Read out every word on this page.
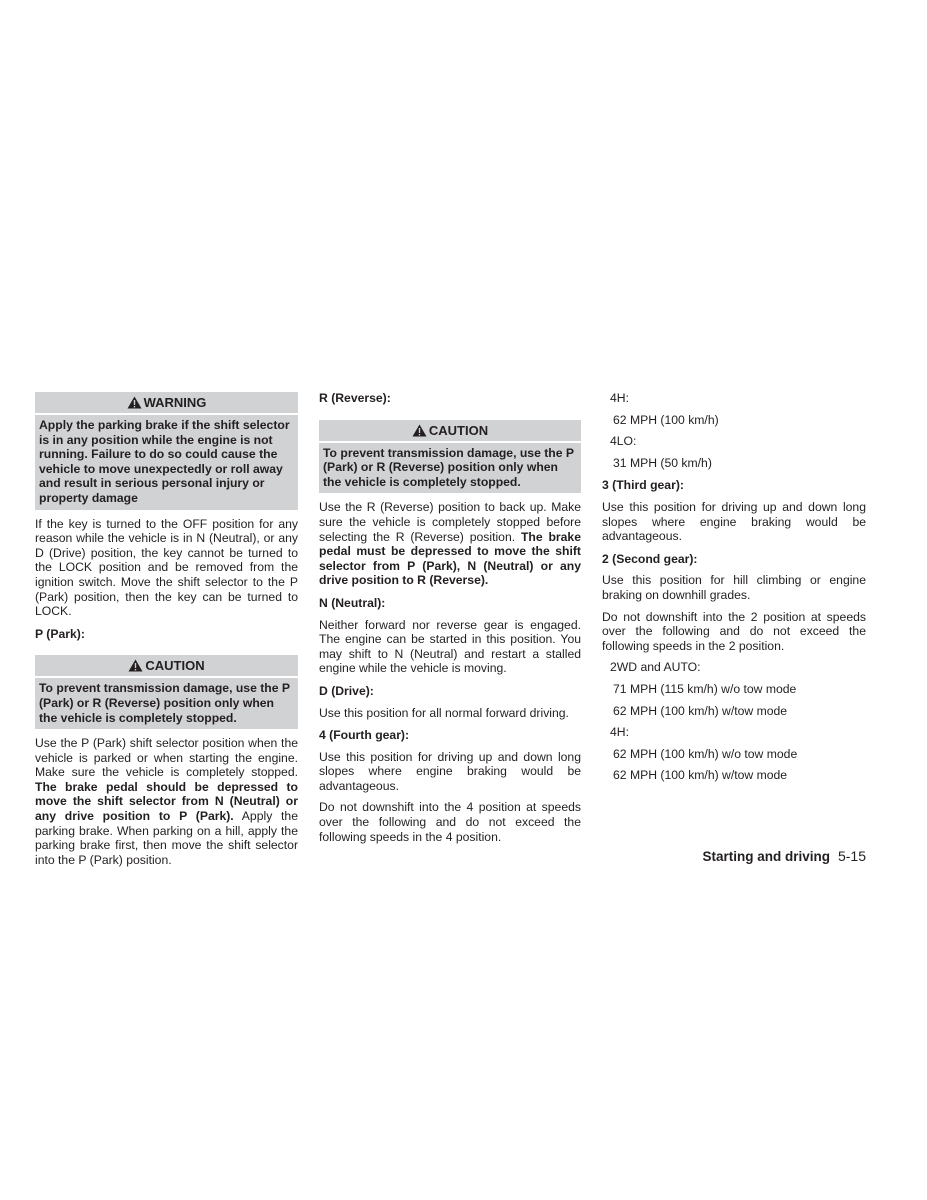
WARNING
Apply the parking brake if the shift selector is in any position while the engine is not running. Failure to do so could cause the vehicle to move unexpectedly or roll away and result in serious personal injury or property damage

If the key is turned to the OFF position for any reason while the vehicle is in N (Neutral), or any D (Drive) position, the key cannot be turned to the LOCK position and be removed from the ignition switch. Move the shift selector to the P (Park) position, then the key can be turned to LOCK.

P (Park):

CAUTION
To prevent transmission damage, use the P (Park) or R (Reverse) position only when the vehicle is completely stopped.

Use the P (Park) shift selector position when the vehicle is parked or when starting the engine. Make sure the vehicle is completely stopped. The brake pedal should be depressed to move the shift selector from N (Neutral) or any drive position to P (Park). Apply the parking brake. When parking on a hill, apply the parking brake first, then move the shift selector into the P (Park) position.

R (Reverse):

CAUTION
To prevent transmission damage, use the P (Park) or R (Reverse) position only when the vehicle is completely stopped.

Use the R (Reverse) position to back up. Make sure the vehicle is completely stopped before selecting the R (Reverse) position. The brake pedal must be depressed to move the shift selector from P (Park), N (Neutral) or any drive position to R (Reverse).

N (Neutral):

Neither forward nor reverse gear is engaged. The engine can be started in this position. You may shift to N (Neutral) and restart a stalled engine while the vehicle is moving.

D (Drive):

Use this position for all normal forward driving.

4 (Fourth gear):

Use this position for driving up and down long slopes where engine braking would be advantageous.

Do not downshift into the 4 position at speeds over the following and do not exceed the following speeds in the 4 position.

4H:

62 MPH (100 km/h)

4LO:

31 MPH (50 km/h)

3 (Third gear):

Use this position for driving up and down long slopes where engine braking would be advantageous.

2 (Second gear):

Use this position for hill climbing or engine braking on downhill grades.

Do not downshift into the 2 position at speeds over the following and do not exceed the following speeds in the 2 position.

2WD and AUTO:

71 MPH (115 km/h) w/o tow mode

62 MPH (100 km/h) w/tow mode

4H:

62 MPH (100 km/h) w/o tow mode

62 MPH (100 km/h) w/tow mode

Starting and driving 5-15
